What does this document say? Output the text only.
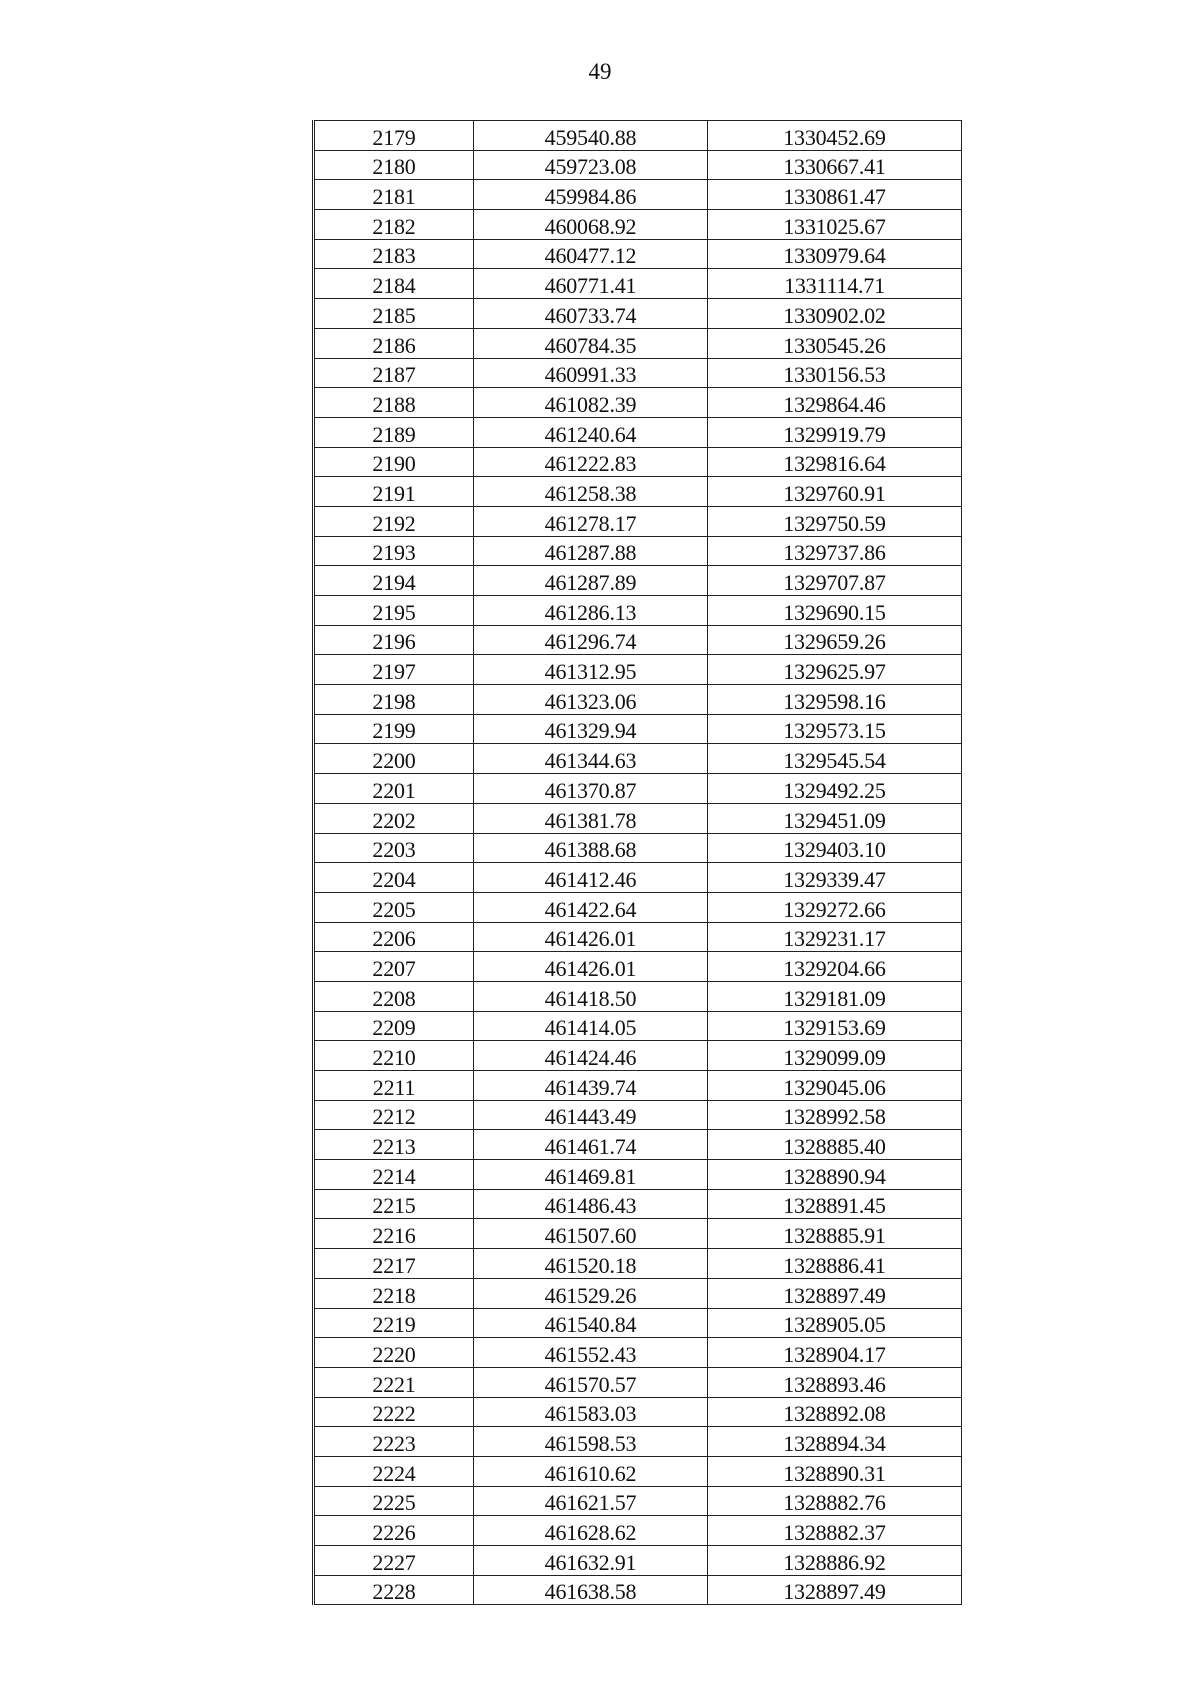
49
2179	459540.88	1330452.69
2180	459723.08	1330667.41
2181	459984.86	1330861.47
2182	460068.92	1331025.67
2183	460477.12	1330979.64
2184	460771.41	1331114.71
2185	460733.74	1330902.02
2186	460784.35	1330545.26
2187	460991.33	1330156.53
2188	461082.39	1329864.46
2189	461240.64	1329919.79
2190	461222.83	1329816.64
2191	461258.38	1329760.91
2192	461278.17	1329750.59
2193	461287.88	1329737.86
2194	461287.89	1329707.87
2195	461286.13	1329690.15
2196	461296.74	1329659.26
2197	461312.95	1329625.97
2198	461323.06	1329598.16
2199	461329.94	1329573.15
2200	461344.63	1329545.54
2201	461370.87	1329492.25
2202	461381.78	1329451.09
2203	461388.68	1329403.10
2204	461412.46	1329339.47
2205	461422.64	1329272.66
2206	461426.01	1329231.17
2207	461426.01	1329204.66
2208	461418.50	1329181.09
2209	461414.05	1329153.69
2210	461424.46	1329099.09
2211	461439.74	1329045.06
2212	461443.49	1328992.58
2213	461461.74	1328885.40
2214	461469.81	1328890.94
2215	461486.43	1328891.45
2216	461507.60	1328885.91
2217	461520.18	1328886.41
2218	461529.26	1328897.49
2219	461540.84	1328905.05
2220	461552.43	1328904.17
2221	461570.57	1328893.46
2222	461583.03	1328892.08
2223	461598.53	1328894.34
2224	461610.62	1328890.31
2225	461621.57	1328882.76
2226	461628.62	1328882.37
2227	461632.91	1328886.92
2228	461638.58	1328897.49
